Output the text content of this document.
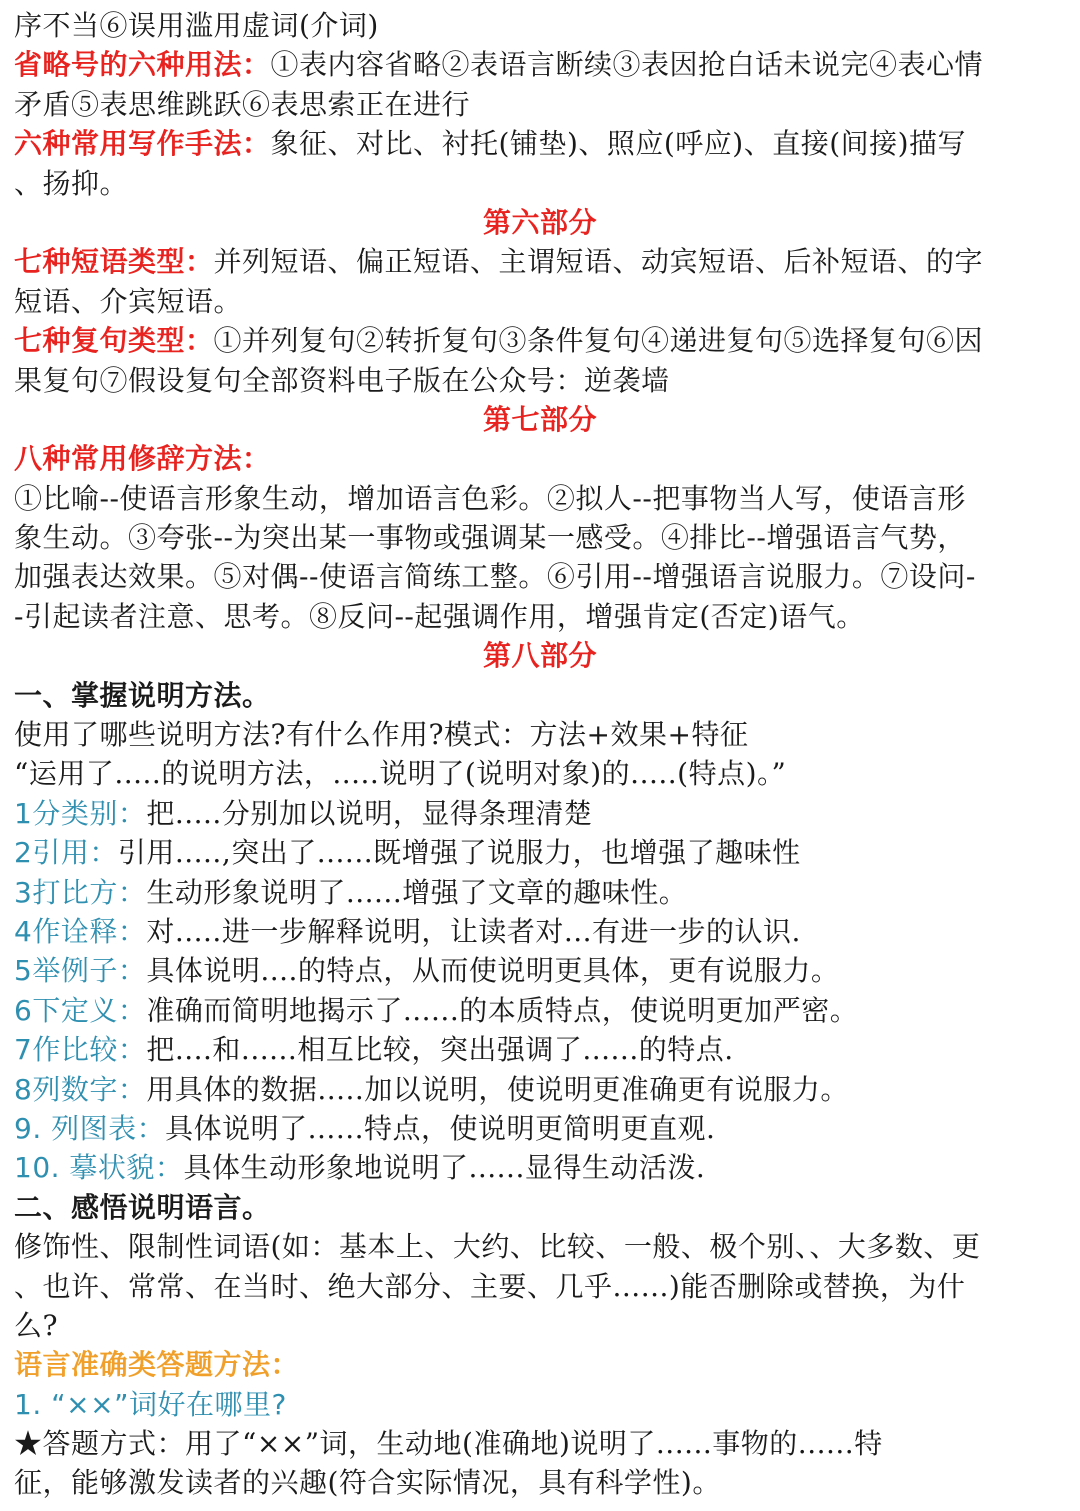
序不当⑥误用滥用虚词(介词)
省略号的六种用法：①表内容省略②表语言断续③表因抢白话未说完④表心情
矛盾⑤表思维跳跃⑥表思索正在进行
六种常用写作手法：象征、对比、衬托(铺垫)、照应(呼应)、直接(间接)描写
、扬抑。
第六部分
七种短语类型：并列短语、偏正短语、主谓短语、动宾短语、后补短语、的字
短语、介宾短语。
七种复句类型：①并列复句②转折复句③条件复句④递进复句⑤选择复句⑥因
果复句⑦假设复句全部资料电子版在公众号：逆袭墙
第七部分
八种常用修辞方法：
①比喻--使语言形象生动，增加语言色彩。②拟人--把事物当人写，使语言形
象生动。③夸张--为突出某一事物或强调某一感受。④排比--增强语言气势，
加强表达效果。⑤对偶--使语言简练工整。⑥引用--增强语言说服力。⑦设问-
-引起读者注意、思考。⑧反问--起强调作用，增强肯定(否定)语气。
第八部分
一、掌握说明方法。
使用了哪些说明方法?有什么作用?模式：方法+效果+特征
“运用了.....的说明方法，.....说明了(说明对象)的.....(特点)。”
1分类别：把.....分别加以说明，显得条理清楚
2引用：引用.....,突出了......既增强了说服力，也增强了趣味性
3打比方：生动形象说明了......增强了文章的趣味性。
4作诠释：对.....进一步解释说明，让读者对...有进一步的认识.
5举例子：具体说明....的特点，从而使说明更具体，更有说服力。
6下定义：准确而简明地揭示了......的本质特点，使说明更加严密。
7作比较：把....和......相互比较，突出强调了......的特点.
8列数字：用具体的数据.....加以说明，使说明更准确更有说服力。
9. 列图表：具体说明了......特点，使说明更简明更直观.
10. 摹状貌：具体生动形象地说明了......显得生动活泼.
二、感悟说明语言。
修饰性、限制性词语(如：基本上、大约、比较、一般、极个别、、大多数、更
、也许、常常、在当时、绝大部分、主要、几乎......)能否删除或替换，为什
么?
语言准确类答题方法：
1. “××”词好在哪里?
★答题方式：用了“××”词，生动地(准确地)说明了......事物的......特
征，能够激发读者的兴趣(符合实际情况，具有科学性)。
